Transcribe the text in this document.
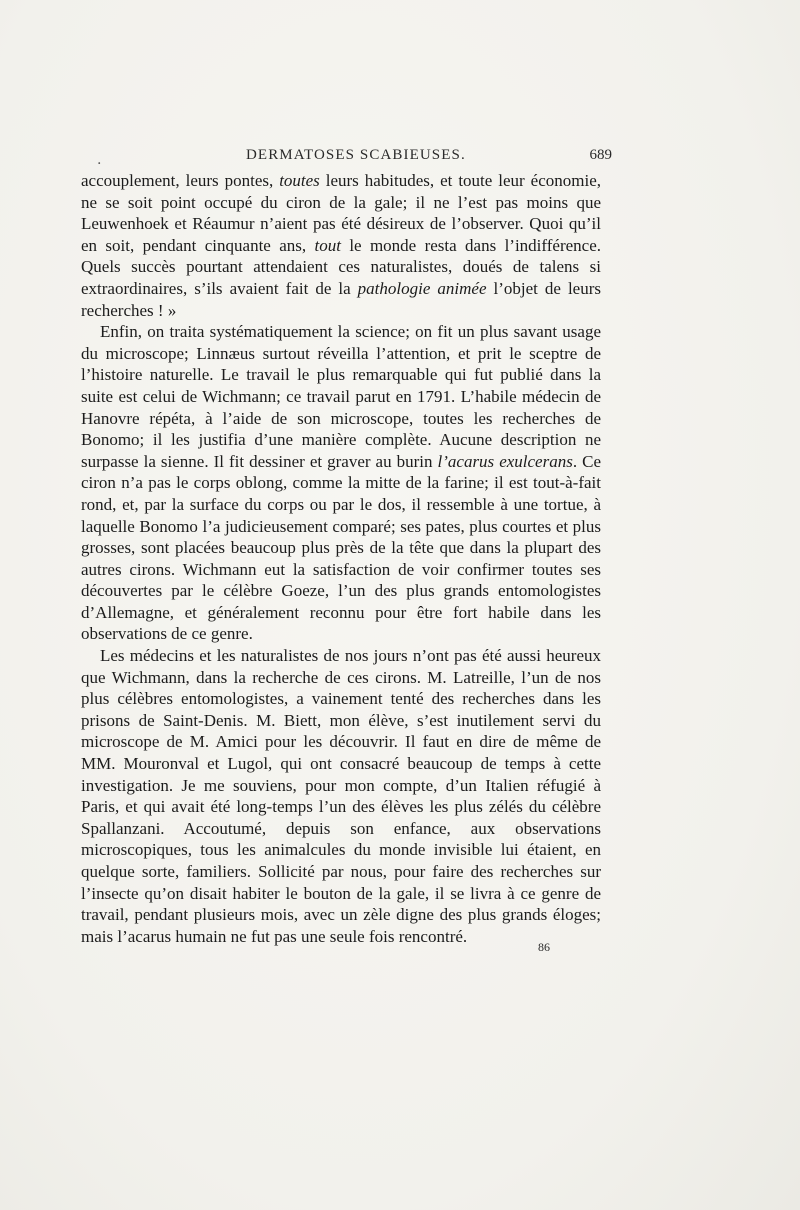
.	DERMATOSES SCABIEUSES.	689

accouplement, leurs pontes, toutes leurs habitudes, et toute leur économie, ne se soit point occupé du ciron de la gale; il ne l’est pas moins que Leuwenhoek et Réaumur n’aient pas été désireux de l’observer. Quoi qu’il en soit, pendant cinquante ans, tout le monde resta dans l’indifférence. Quels succès pourtant attendaient ces naturalistes, doués de talens si extraordinaires, s’ils avaient fait de la pathologie animée l’objet de leurs recherches ! »

Enfin, on traita systématiquement la science; on fit un plus savant usage du microscope; Linnæus surtout réveilla l’attention, et prit le sceptre de l’histoire naturelle. Le travail le plus remarquable qui fut publié dans la suite est celui de Wichmann; ce travail parut en 1791. L’habile médecin de Hanovre répéta, à l’aide de son microscope, toutes les recherches de Bonomo; il les justifia d’une manière complète. Aucune description ne surpasse la sienne. Il fit dessiner et graver au burin l’acarus exulcerans. Ce ciron n’a pas le corps oblong, comme la mitte de la farine; il est tout-à-fait rond, et, par la surface du corps ou par le dos, il ressemble à une tortue, à laquelle Bonomo l’a judicieusement comparé; ses pates, plus courtes et plus grosses, sont placées beaucoup plus près de la tête que dans la plupart des autres cirons. Wichmann eut la satisfaction de voir confirmer toutes ses découvertes par le célèbre Goeze, l’un des plus grands entomologistes d’Allemagne, et généralement reconnu pour être fort habile dans les observations de ce genre.

Les médecins et les naturalistes de nos jours n’ont pas été aussi heureux que Wichmann, dans la recherche de ces cirons. M. Latreille, l’un de nos plus célèbres entomologistes, a vainement tenté des recherches dans les prisons de Saint-Denis. M. Biett, mon élève, s’est inutilement servi du microscope de M. Amici pour les découvrir. Il faut en dire de même de MM. Mouronval et Lugol, qui ont consacré beaucoup de temps à cette investigation. Je me souviens, pour mon compte, d’un Italien réfugié à Paris, et qui avait été long-temps l’un des élèves les plus zélés du célèbre Spallanzani. Accoutumé, depuis son enfance, aux observations microscopiques, tous les animalcules du monde invisible lui étaient, en quelque sorte, familiers. Sollicité par nous, pour faire des recherches sur l’insecte qu’on disait habiter le bouton de la gale, il se livra à ce genre de travail, pendant plusieurs mois, avec un zèle digne des plus grands éloges; mais l’acarus humain ne fut pas une seule fois rencontré.

86
